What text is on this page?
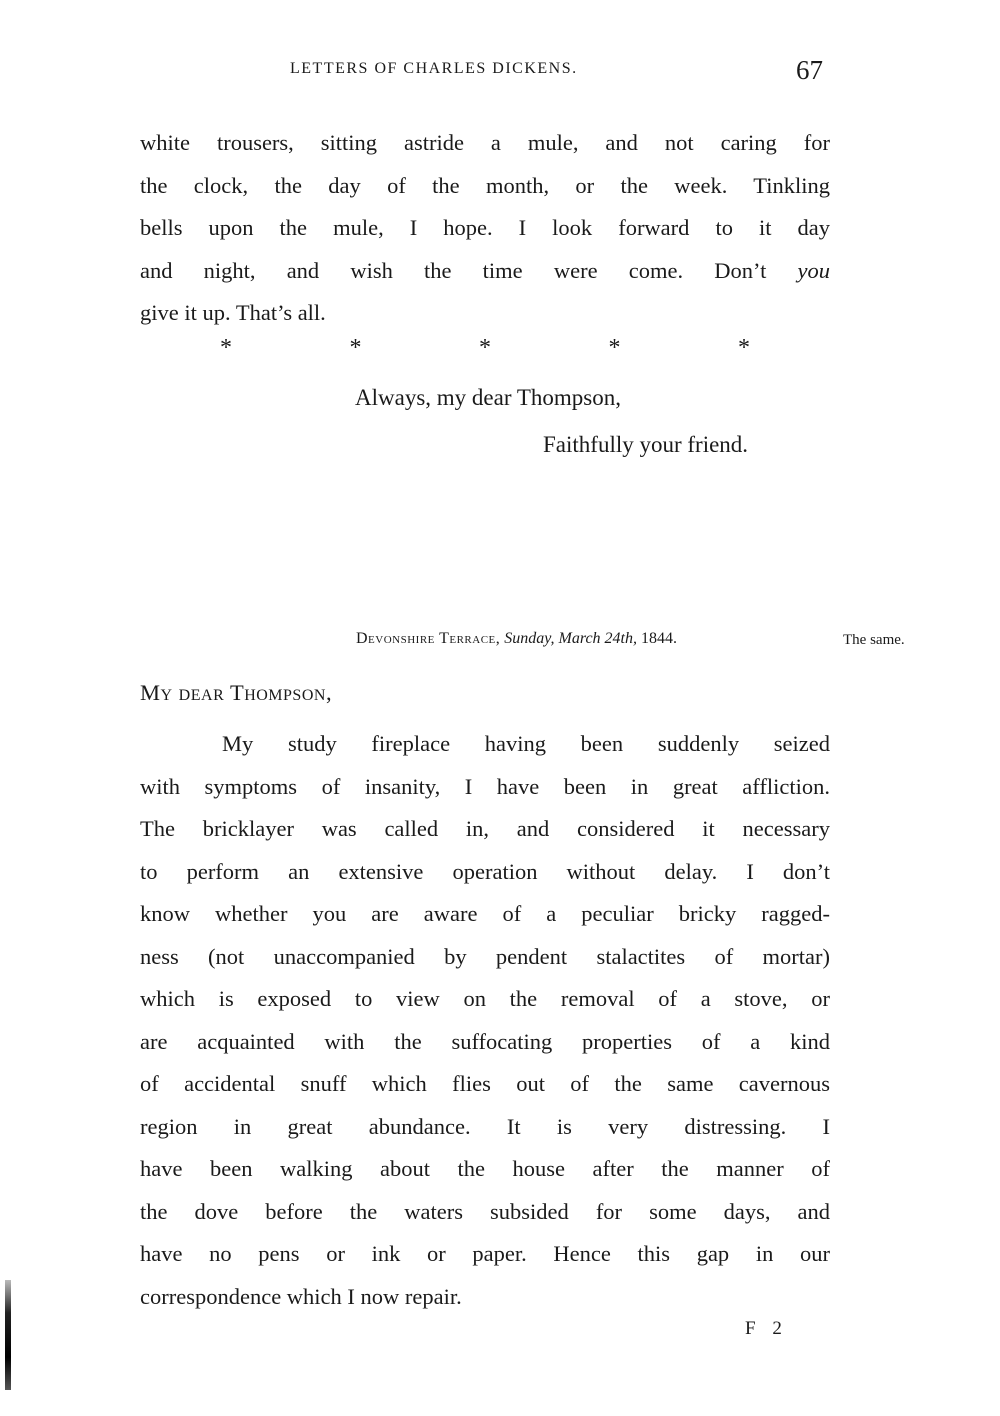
LETTERS OF CHARLES DICKENS.	67
white trousers, sitting astride a mule, and not caring for
the clock, the day of the month, or the week. Tinkling
bells upon the mule, I hope. I look forward to it day
and night, and wish the time were come. Don’t you
give it up. That’s all.
*	*	*	*	*
Always, my dear Thompson,
Faithfully your friend.
Devonshire Terrace, Sunday, March 24th, 1844.	The same.
My dear Thompson,
My study fireplace having been suddenly seized
with symptoms of insanity, I have been in great affliction.
The bricklayer was called in, and considered it necessary
to perform an extensive operation without delay. I don’t
know whether you are aware of a peculiar bricky ragged-
ness (not unaccompanied by pendent stalactites of mortar)
which is exposed to view on the removal of a stove, or
are acquainted with the suffocating properties of a kind
of accidental snuff which flies out of the same cavernous
region in great abundance. It is very distressing. I
have been walking about the house after the manner of
the dove before the waters subsided for some days, and
have no pens or ink or paper. Hence this gap in our
correspondence which I now repair.
F 2
